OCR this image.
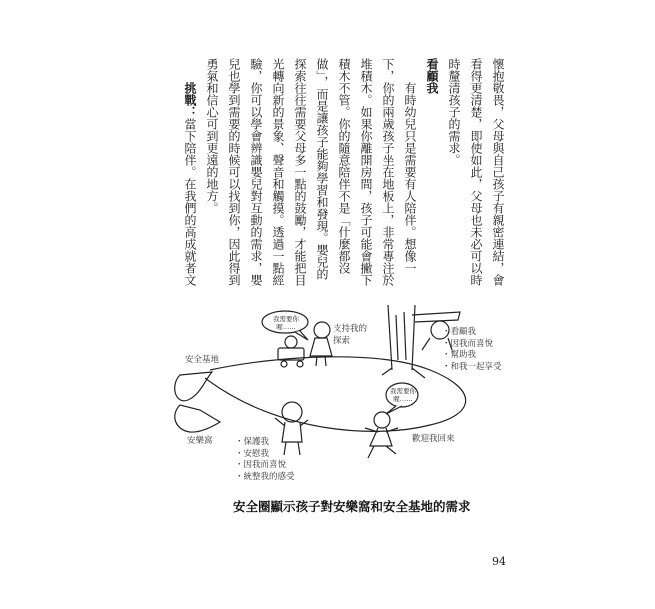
懷抱敬畏，父母與自己孩子有親密連結，會看得更清楚，即使如此，父母也未必可以時時釐清孩子的需求。

看顧我

有時幼兒只是需要有人陪伴。想像一下，你的兩歲孩子坐在地板上，非常專注於堆積木。如果你離開房間，孩子可能會撇下積木不管。你的隨意陪伴不是「什麼都沒做」，而是讓孩子能夠學習和發現。嬰兒的探索往往需要父母多一點的鼓勵，才能把目光轉向新的景象、聲音和觸摸。透過一點經驗，你可以學會辨識嬰兒對互動的需求，嬰兒也學到需要的時候可以找到你，因此得到勇氣和信心可到更遠的地方。

挑戰：當下陪伴。在我們的高成就者文

我需要你喔……
我需要你喔……
支持我的
探索
安全基地
安樂窩
・看顧我
・因我而喜悅
・幫助我
・和我一起享受
・保護我
・安慰我
・因我而喜悅
・統整我的感受
歡迎我回來
安全圈顯示孩子對安樂窩和安全基地的需求
94
